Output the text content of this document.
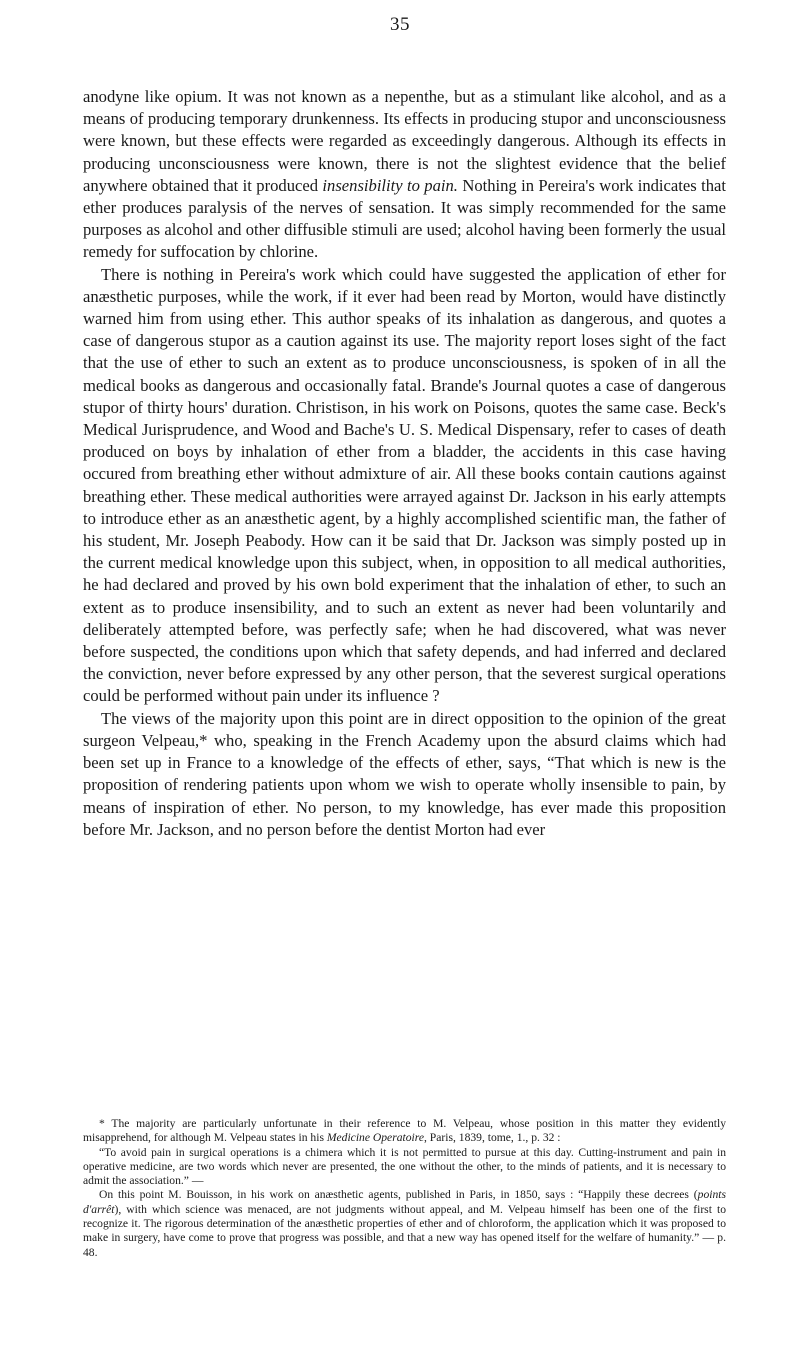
35

anodyne like opium. It was not known as a nepenthe, but as a stimulant like alcohol, and as a means of producing temporary drunkenness. Its effects in producing stupor and unconsciousness were known, but these effects were regarded as exceedingly dangerous. Although its effects in producing unconsciousness were known, there is not the slightest evidence that the belief anywhere obtained that it produced insensibility to pain. Nothing in Pereira's work indicates that ether produces paralysis of the nerves of sensation. It was simply recommended for the same purposes as alcohol and other diffusible stimuli are used; alcohol having been formerly the usual remedy for suffocation by chlorine.

There is nothing in Pereira's work which could have suggested the application of ether for anæsthetic purposes, while the work, if it ever had been read by Morton, would have distinctly warned him from using ether. This author speaks of its inhalation as dangerous, and quotes a case of dangerous stupor as a caution against its use. The majority report loses sight of the fact that the use of ether to such an extent as to produce unconsciousness, is spoken of in all the medical books as dangerous and occasionally fatal. Brande's Journal quotes a case of dangerous stupor of thirty hours' duration. Christison, in his work on Poisons, quotes the same case. Beck's Medical Jurisprudence, and Wood and Bache's U. S. Medical Dispensary, refer to cases of death produced on boys by inhalation of ether from a bladder, the accidents in this case having occured from breathing ether without admixture of air. All these books contain cautions against breathing ether. These medical authorities were arrayed against Dr. Jackson in his early attempts to introduce ether as an anæsthetic agent, by a highly accomplished scientific man, the father of his student, Mr. Joseph Peabody. How can it be said that Dr. Jackson was simply posted up in the current medical knowledge upon this subject, when, in opposition to all medical authorities, he had declared and proved by his own bold experiment that the inhalation of ether, to such an extent as to produce insensibility, and to such an extent as never had been voluntarily and deliberately attempted before, was perfectly safe; when he had discovered, what was never before suspected, the conditions upon which that safety depends, and had inferred and declared the conviction, never before expressed by any other person, that the severest surgical operations could be performed without pain under its influence ?

The views of the majority upon this point are in direct opposition to the opinion of the great surgeon Velpeau,* who, speaking in the French Academy upon the absurd claims which had been set up in France to a knowledge of the effects of ether, says, “That which is new is the proposition of rendering patients upon whom we wish to operate wholly insensible to pain, by means of inspiration of ether. No person, to my knowledge, has ever made this proposition before Mr. Jackson, and no person before the dentist Morton had ever

* The majority are particularly unfortunate in their reference to M. Velpeau, whose position in this matter they evidently misapprehend, for although M. Velpeau states in his Medicine Operatoire, Paris, 1839, tome, 1., p. 32 :

“To avoid pain in surgical operations is a chimera which it is not permitted to pursue at this day. Cutting-instrument and pain in operative medicine, are two words which never are presented, the one without the other, to the minds of patients, and it is necessary to admit the association.” —

On this point M. Bouisson, in his work on anæsthetic agents, published in Paris, in 1850, says : “Happily these decrees (points d'arrêt), with which science was menaced, are not judgments without appeal, and M. Velpeau himself has been one of the first to recognize it. The rigorous determination of the anæsthetic properties of ether and of chloroform, the application which it was proposed to make in surgery, have come to prove that progress was possible, and that a new way has opened itself for the welfare of humanity.” — p. 48.
